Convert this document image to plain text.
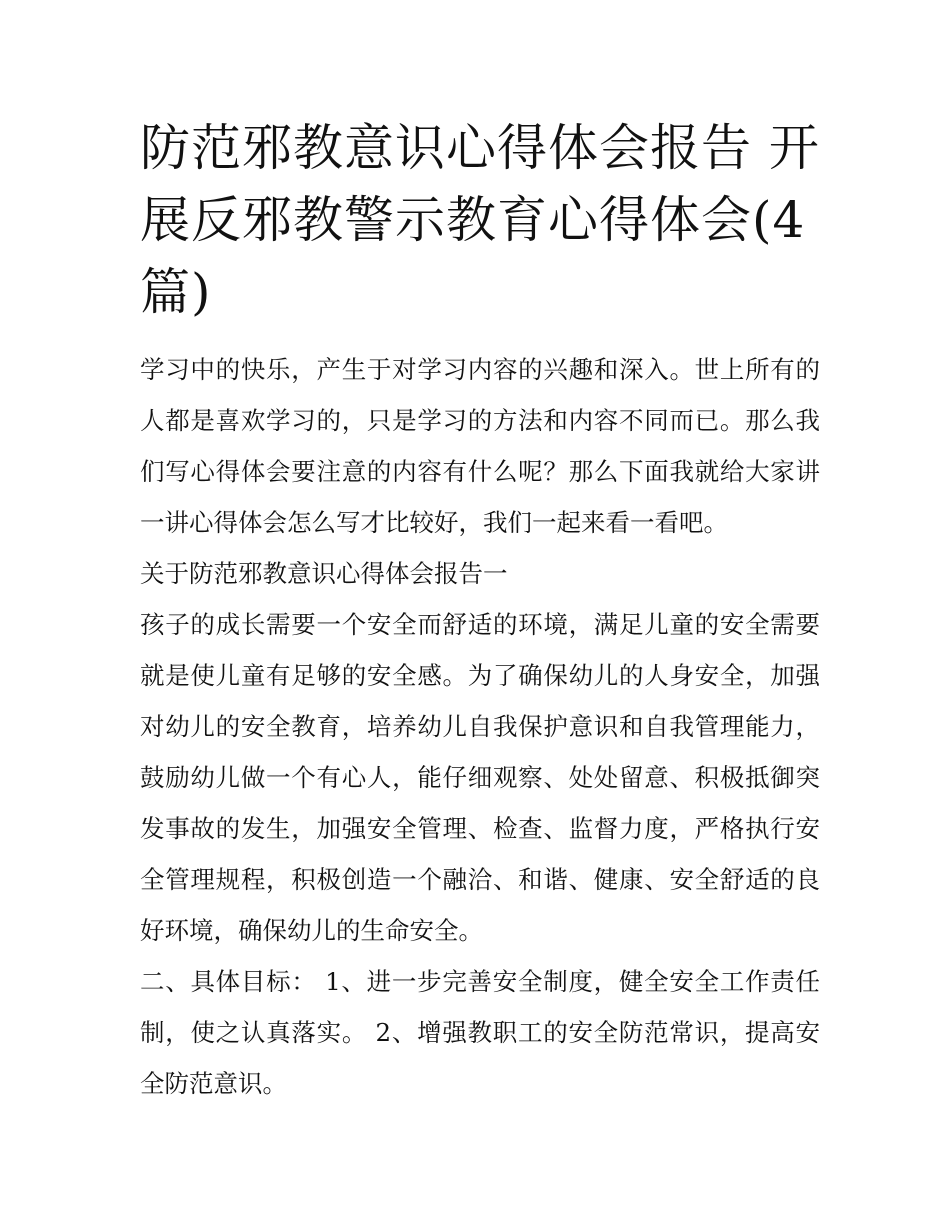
防范邪教意识心得体会报告 开展反邪教警示教育心得体会(4篇)

学习中的快乐，产生于对学习内容的兴趣和深入。世上所有的人都是喜欢学习的，只是学习的方法和内容不同而已。那么我们写心得体会要注意的内容有什么呢？那么下面我就给大家讲一讲心得体会怎么写才比较好，我们一起来看一看吧。

关于防范邪教意识心得体会报告一

孩子的成长需要一个安全而舒适的环境，满足儿童的安全需要就是使儿童有足够的安全感。为了确保幼儿的人身安全，加强对幼儿的安全教育，培养幼儿自我保护意识和自我管理能力，鼓励幼儿做一个有心人，能仔细观察、处处留意、积极抵御突发事故的发生，加强安全管理、检查、监督力度，严格执行安全管理规程，积极创造一个融洽、和谐、健康、安全舒适的良好环境，确保幼儿的生命安全。

二、具体目标： 1、进一步完善安全制度，健全安全工作责任制，使之认真落实。 2、增强教职工的安全防范常识，提高安全防范意识。
